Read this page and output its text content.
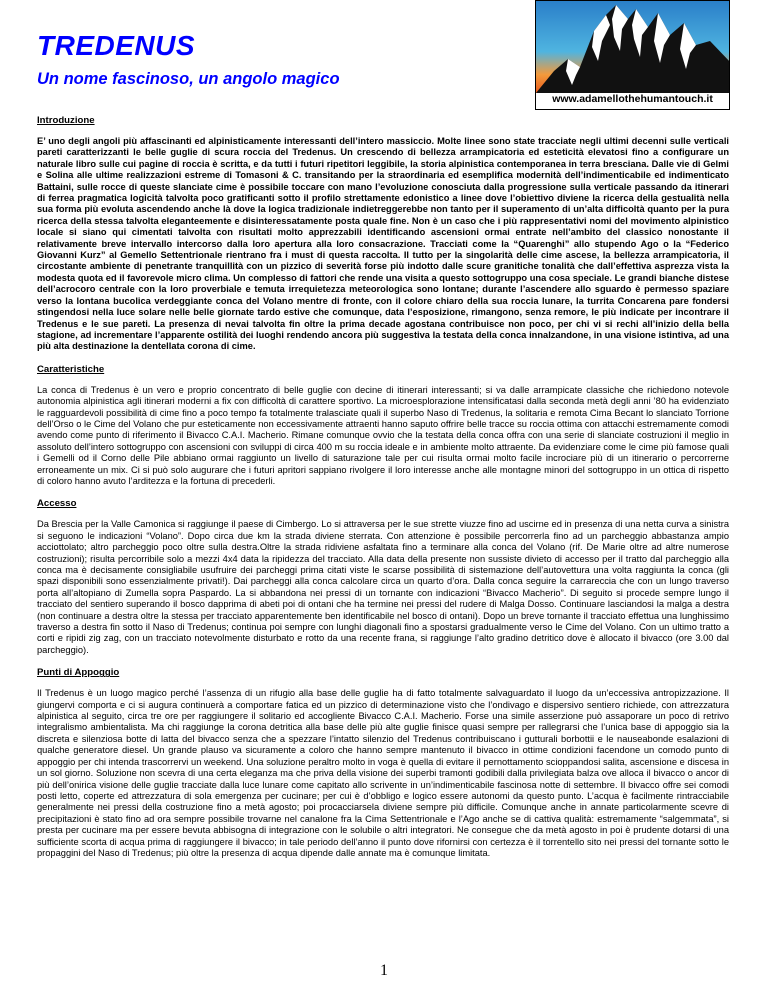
TREDENUS
Un nome fascinoso, un angolo magico
www.adamellothehumantouch.it
Introduzione

E’ uno degli angoli più affascinanti ed alpinisticamente interessanti dell’intero massiccio. Molte linee sono state tracciate negli ultimi decenni sulle verticali pareti caratterizzanti le belle guglie di scura roccia del Tredenus. Un crescendo di bellezza arrampicatoria ed esteticità elevatosi fino a configurare un naturale libro sulle cui pagine di roccia è scritta, e da tutti i futuri ripetitori leggibile, la storia alpinistica contemporanea in terra bresciana. Dalle vie di Gelmi e Solina alle ultime realizzazioni estreme di Tomasoni & C. transitando per la straordinaria ed esemplifica modernità dell’indimenticabile ed indimenticato Battaini, sulle rocce di queste slanciate cime è possibile toccare con mano l’evoluzione conosciuta dalla progressione sulla verticale passando da itinerari di ferrea pragmatica logicità talvolta poco gratificanti sotto il profilo strettamente edonistico a linee dove l’obiettivo diviene la ricerca della gestualità nella sua forma più evoluta ascendendo anche là dove la logica tradizionale indietreggerebbe non tanto per il superamento di un’alta difficoltà quanto per la pura ricerca della stessa talvolta eleganteemente e disinteressatamente posta quale fine. Non è un caso che i più rappresentativi nomi del movimento alpinistico locale si siano qui cimentati talvolta con risultati molto apprezzabili identificando ascensioni ormai entrate nell’ambito del classico nonostante il relativamente breve intervallo intercorso dalla loro apertura alla loro consacrazione. Tracciati come la “Quarenghi” allo stupendo Ago o la “Federico Giovanni Kurz” al Gemello Settentrionale rientrano fra i must di questa raccolta. Il tutto per la singolarità delle cime ascese, la bellezza arrampicatoria, il circostante ambiente di penetrante tranquillità con un pizzico di severità forse più indotto dalle scure granitiche tonalità che dall’effettiva asprezza vista la modesta quota ed il favorevole micro clima. Un complesso di fattori che rende una visita a questo sottogruppo una cosa speciale. Le grandi bianche distese dell’acrocoro centrale con la loro proverbiale e temuta irrequietezza meteorologica sono lontane; durante l’ascendere allo sguardo è permesso spaziare verso la lontana bucolica verdeggiante conca del Volano mentre di fronte, con il colore chiaro della sua roccia lunare, la turrita Concarena pare fondersi stingendosi nella luce solare nelle belle giornate tardo estive che comunque, data l’esposizione, rimangono, senza remore, le più indicate per incontrare il Tredenus e le sue pareti. La presenza di nevai talvolta fin oltre la prima decade agostana contribuisce non poco, per chi vi si rechi all’inizio della bella stagione, ad incrementare l’apparente ostilità dei luoghi rendendo ancora più suggestiva la testata della conca innalzandone, in una visione istintiva, ad una più alta destinazione la dentellata corona di cime.

Caratteristiche

La conca di Tredenus è un vero e proprio concentrato di belle guglie con decine di itinerari interessanti; si va dalle arrampicate classiche che richiedono notevole autonomia alpinistica agli itinerari moderni a fix con difficoltà di carattere sportivo. La microesplorazione intensificatasi dalla seconda metà degli anni ’80 ha evidenziato le ragguardevoli possibilità di cime fino a poco tempo fa totalmente tralasciate quali il superbo Naso di Tredenus, la solitaria e remota Cima Becant lo slanciato Torrione dell’Orso o le Cime del Volano che pur esteticamente non eccessivamente attraenti hanno saputo offrire belle tracce su roccia ottima con attacchi estremamente comodi avendo come punto di riferimento il Bivacco C.A.I. Macherio. Rimane comunque ovvio che la testata della conca offra con una serie di slanciate costruzioni il meglio in assoluto dell’intero sottogruppo con ascensioni con sviluppi di circa 400 m su roccia ideale e in ambiente molto attraente. Da evidenziare come le cime più famose quali i Gemelli od il Corno delle Pile abbiano ormai raggiunto un livello di saturazione tale per cui risulta ormai molto facile incrociare più di un itinerario o percorrerne erroneamente un mix. Ci si può solo augurare che i futuri apritori sappiano rivolgere il loro interesse anche alle montagne minori del sottogruppo in un ottica di rispetto di coloro hanno avuto l’arditezza e la fortuna di precederli.

Accesso

Da Brescia per la Valle Camonica si raggiunge il paese di Cimbergo. Lo si attraversa per le sue strette viuzze fino ad uscirne ed in presenza di una netta curva a sinistra si seguono le indicazioni “Volano”. Dopo circa due km la strada diviene sterrata. Con attenzione è possibile percorrerla fino ad un parcheggio abbastanza ampio acciottolato; altro parcheggio poco oltre sulla destra.Oltre la strada ridiviene asfaltata fino a terminare alla conca del Volano (rif. De Marie oltre ad altre numerose costruzioni); risulta percorribile solo a mezzi 4x4 data la ripidezza del tracciato. Alla data della presente non sussiste divieto di accesso per il tratto dal parcheggio alla conca ma è decisamente consigliabile usufruire dei parcheggi prima citati viste le scarse possibilità di sistemazione dell’autovettura una volta raggiunta la conca (gli spazi disponibili sono essenzialmente privati!). Dai parcheggi alla conca calcolare circa un quarto d’ora. Dalla conca seguire la carrareccia che con un lungo traverso porta all’altopiano di Zumella sopra Paspardo. La si abbandona nei pressi di un tornante con indicazioni “Bivacco Macherio”. Di seguito si procede sempre lungo il tracciato del sentiero superando il bosco dapprima di abeti poi di ontani che ha termine nei pressi del rudere di Malga Dosso. Continuare lasciandosi la malga a destra (non continuare a destra oltre la stessa per tracciato apparentemente ben identificabile nel bosco di ontani). Dopo un breve tornante il tracciato effettua una lunghissimo traverso a destra fin sotto il Naso di Tredenus; continua poi sempre con lunghi diagonali fino a spostarsi gradualmente verso le Cime del Volano. Con un ultimo tratto a corti e ripidi zig zag, con un tracciato notevolmente disturbato e rotto da una recente frana, si raggiunge l’alto gradino detritico dove è allocato il bivacco (ore 3.00 dal parcheggio).

Punti di Appoggio

Il Tredenus è un luogo magico perché l’assenza di un rifugio alla base delle guglie ha di fatto totalmente salvaguardato il luogo da un’eccessiva antropizzazione. Il giungervi comporta e ci si augura continuerà a comportare fatica ed un pizzico di determinazione visto che l’ondivago e dispersivo sentiero richiede, con attrezzatura alpinistica al seguito, circa tre ore per raggiungere il solitario ed accogliente Bivacco C.A.I. Macherio. Forse una simile asserzione può assaporare un poco di retrivo integralismo ambientalista. Ma chi raggiunge la corona detritica alla base delle più alte guglie finisce quasi sempre per rallegrarsi che l’unica base di appoggio sia la discreta e silenziosa botte di latta del bivacco senza che a spezzare l’intatto silenzio del Tredenus contribuiscano i gutturali borbottii e le nauseabonde esalazioni di qualche generatore diesel. Un grande plauso va sicuramente a coloro che hanno sempre mantenuto il bivacco in ottime condizioni facendone un comodo punto di appoggio per chi intenda trascorrervi un weekend. Una soluzione peraltro molto in voga è quella di evitare il pernottamento scioppandosi salita, ascensione e discesa in un sol giorno. Soluzione non scevra di una certa eleganza ma che priva della visione dei superbi tramonti godibili dalla privilegiata balza ove alloca il bivacco o ancor di più dell’onirica visione delle guglie tracciate dalla luce lunare come capitato allo scrivente in un’indimenticabile fascinosa notte di settembre. Il bivacco offre sei comodi posti letto, coperte ed attrezzatura di sola emergenza per cucinare; per cui è d’obbligo e logico essere autonomi da questo punto. L’acqua è facilmente rintracciabile generalmente nei pressi della costruzione fino a metà agosto; poi procacciarsela diviene sempre più difficile. Comunque anche in annate particolarmente scevre di precipitazioni è stato fino ad ora sempre possibile trovarne nel canalone fra la Cima Settentrionale e l’Ago anche se di cattiva qualità: estremamente “salgemmata”, si presta per cucinare ma per essere bevuta abbisogna di integrazione con le solubile o altri integratori. Ne consegue che da metà agosto in poi è prudente dotarsi di una sufficiente scorta di acqua prima di raggiungere il bivacco; in tale periodo dell’anno il punto dove rifornirsi con certezza è il torrentello sito nei pressi del tornante sotto le propaggini del Naso di Tredenus; più oltre la presenza di acqua dipende dalle annate ma è comunque limitata.

1
